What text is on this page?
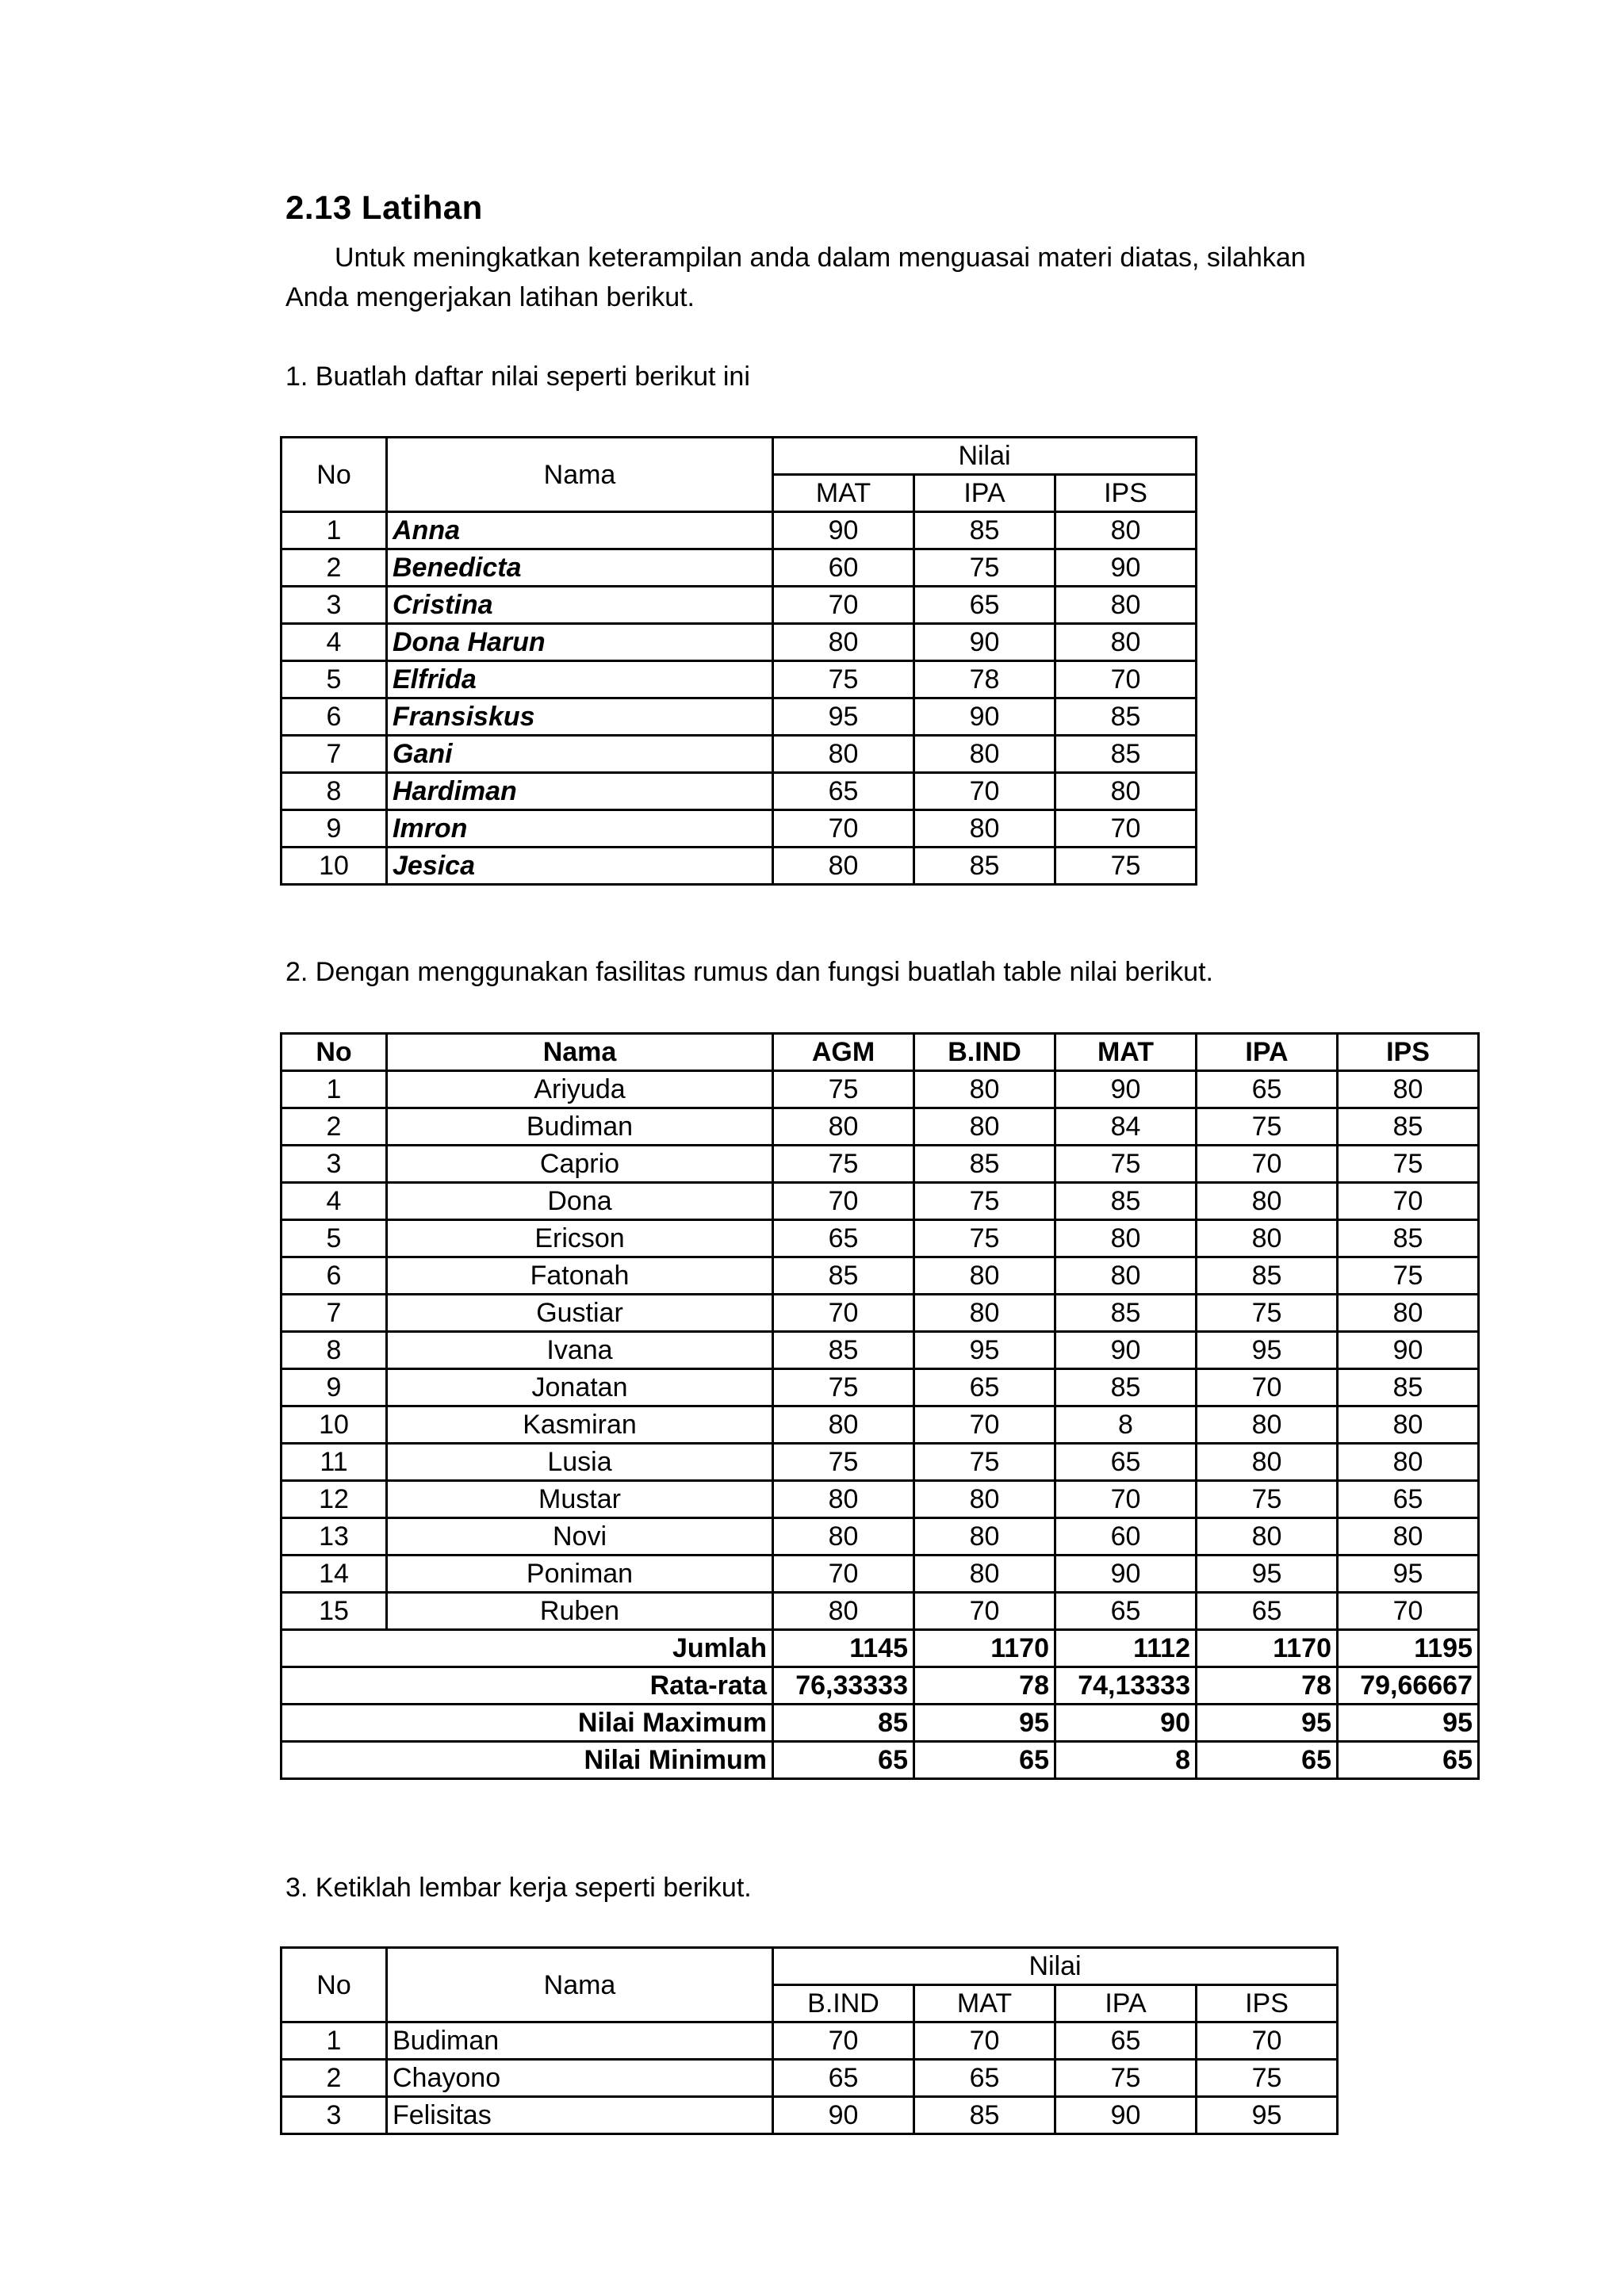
2.13 Latihan

Untuk meningkatkan keterampilan anda dalam menguasai materi diatas, silahkan
Anda mengerjakan latihan berikut.

1. Buatlah daftar nilai seperti berikut ini

No	Nama	Nilai		
		MAT	IPA	IPS
1	Anna	90	85	80
2	Benedicta	60	75	90
3	Cristina	70	65	80
4	Dona Harun	80	90	80
5	Elfrida	75	78	70
6	Fransiskus	95	90	85
7	Gani	80	80	85
8	Hardiman	65	70	80
9	Imron	70	80	70
10	Jesica	80	85	75

2. Dengan menggunakan fasilitas rumus dan fungsi buatlah table nilai berikut.

No	Nama	AGM	B.IND	MAT	IPA	IPS
1	Ariyuda	75	80	90	65	80
2	Budiman	80	80	84	75	85
3	Caprio	75	85	75	70	75
4	Dona	70	75	85	80	70
5	Ericson	65	75	80	80	85
6	Fatonah	85	80	80	85	75
7	Gustiar	70	80	85	75	80
8	Ivana	85	95	90	95	90
9	Jonatan	75	65	85	70	85
10	Kasmiran	80	70	8	80	80
11	Lusia	75	75	65	80	80
12	Mustar	80	80	70	75	65
13	Novi	80	80	60	80	80
14	Poniman	70	80	90	95	95
15	Ruben	80	70	65	65	70
Jumlah		1145	1170	1112	1170	1195
Rata-rata		76,33333	78	74,13333	78	79,66667
Nilai Maximum		85	95	90	95	95
Nilai Minimum		65	65	8	65	65

3. Ketiklah lembar kerja seperti berikut.

No	Nama	Nilai			
		B.IND	MAT	IPA	IPS
1	Budiman	70	70	65	70
2	Chayono	65	65	75	75
3	Felisitas	90	85	90	95
